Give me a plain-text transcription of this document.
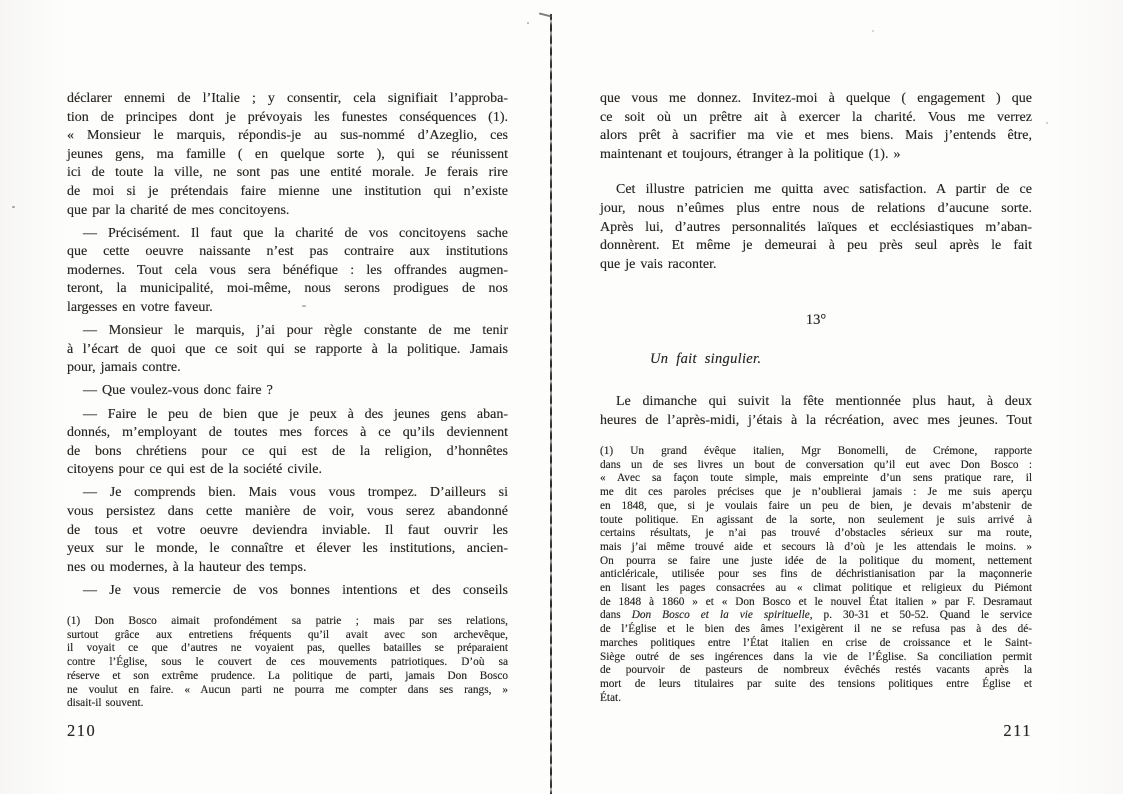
déclarer ennemi de l’Italie ; y consentir, cela signifiait l’approba-
tion de principes dont je prévoyais les funestes conséquences (1).
« Monsieur le marquis, répondis-je au sus-nommé d’Azeglio, ces
jeunes gens, ma famille ( en quelque sorte ), qui se réunissent
ici de toute la ville, ne sont pas une entité morale. Je ferais rire
de moi si je prétendais faire mienne une institution qui n’existe
que par la charité de mes concitoyens.
— Précisément. Il faut que la charité de vos concitoyens sache
que cette oeuvre naissante n’est pas contraire aux institutions
modernes. Tout cela vous sera bénéfique : les offrandes augmen-
teront, la municipalité, moi-même, nous serons prodigues de nos
largesses en votre faveur.
— Monsieur le marquis, j’ai pour règle constante de me tenir
à l’écart de quoi que ce soit qui se rapporte à la politique. Jamais
pour, jamais contre.
— Que voulez-vous donc faire ?
— Faire le peu de bien que je peux à des jeunes gens aban-
donnés, m’employant de toutes mes forces à ce qu’ils deviennent
de bons chrétiens pour ce qui est de la religion, d’honnêtes
citoyens pour ce qui est de la société civile.
— Je comprends bien. Mais vous vous trompez. D’ailleurs si
vous persistez dans cette manière de voir, vous serez abandonné
de tous et votre oeuvre deviendra inviable. Il faut ouvrir les
yeux sur le monde, le connaître et élever les institutions, ancien-
nes ou modernes, à la hauteur des temps.
— Je vous remercie de vos bonnes intentions et des conseils
(1) Don Bosco aimait profondément sa patrie ; mais par ses relations,
surtout grâce aux entretiens fréquents qu’il avait avec son archevêque,
il voyait ce que d’autres ne voyaient pas, quelles batailles se préparaient
contre l’Église, sous le couvert de ces mouvements patriotiques. D’où sa
réserve et son extrême prudence. La politique de parti, jamais Don Bosco
ne voulut en faire. « Aucun parti ne pourra me compter dans ses rangs, »
disait-il souvent.
210
que vous me donnez. Invitez-moi à quelque ( engagement ) que
ce soit où un prêtre ait à exercer la charité. Vous me verrez
alors prêt à sacrifier ma vie et mes biens. Mais j’entends être,
maintenant et toujours, étranger à la politique (1). »
Cet illustre patricien me quitta avec satisfaction. A partir de ce
jour, nous n’eûmes plus entre nous de relations d’aucune sorte.
Après lui, d’autres personnalités laïques et ecclésiastiques m’aban-
donnèrent. Et même je demeurai à peu près seul après le fait
que je vais raconter.
13°
Un fait singulier.
Le dimanche qui suivit la fête mentionnée plus haut, à deux
heures de l’après-midi, j’étais à la récréation, avec mes jeunes. Tout
(1) Un grand évêque italien, Mgr Bonomelli, de Crémone, rapporte
dans un de ses livres un bout de conversation qu’il eut avec Don Bosco :
« Avec sa façon toute simple, mais empreinte d’un sens pratique rare, il
me dit ces paroles précises que je n’oublierai jamais : Je me suis aperçu
en 1848, que, si je voulais faire un peu de bien, je devais m’abstenir de
toute politique. En agissant de la sorte, non seulement je suis arrivé à
certains résultats, je n’ai pas trouvé d’obstacles sérieux sur ma route,
mais j’ai même trouvé aide et secours là d’où je les attendais le moins. »
On pourra se faire une juste idée de la politique du moment, nettement
anticléricale, utilisée pour ses fins de déchristianisation par la maçonnerie
en lisant les pages consacrées au « climat politique et religieux du Piémont
de 1848 à 1860 » et « Don Bosco et le nouvel État italien » par F. Desramaut
dans Don Bosco et la vie spirituelle, p. 30-31 et 50-52. Quand le service
de l’Église et le bien des âmes l’exigèrent il ne se refusa pas à des dé-
marches politiques entre l’État italien en crise de croissance et le Saint-
Siège outré de ses ingérences dans la vie de l’Église. Sa conciliation permit
de pourvoir de pasteurs de nombreux évêchés restés vacants après la
mort de leurs titulaires par suite des tensions politiques entre Église et
État.
211
